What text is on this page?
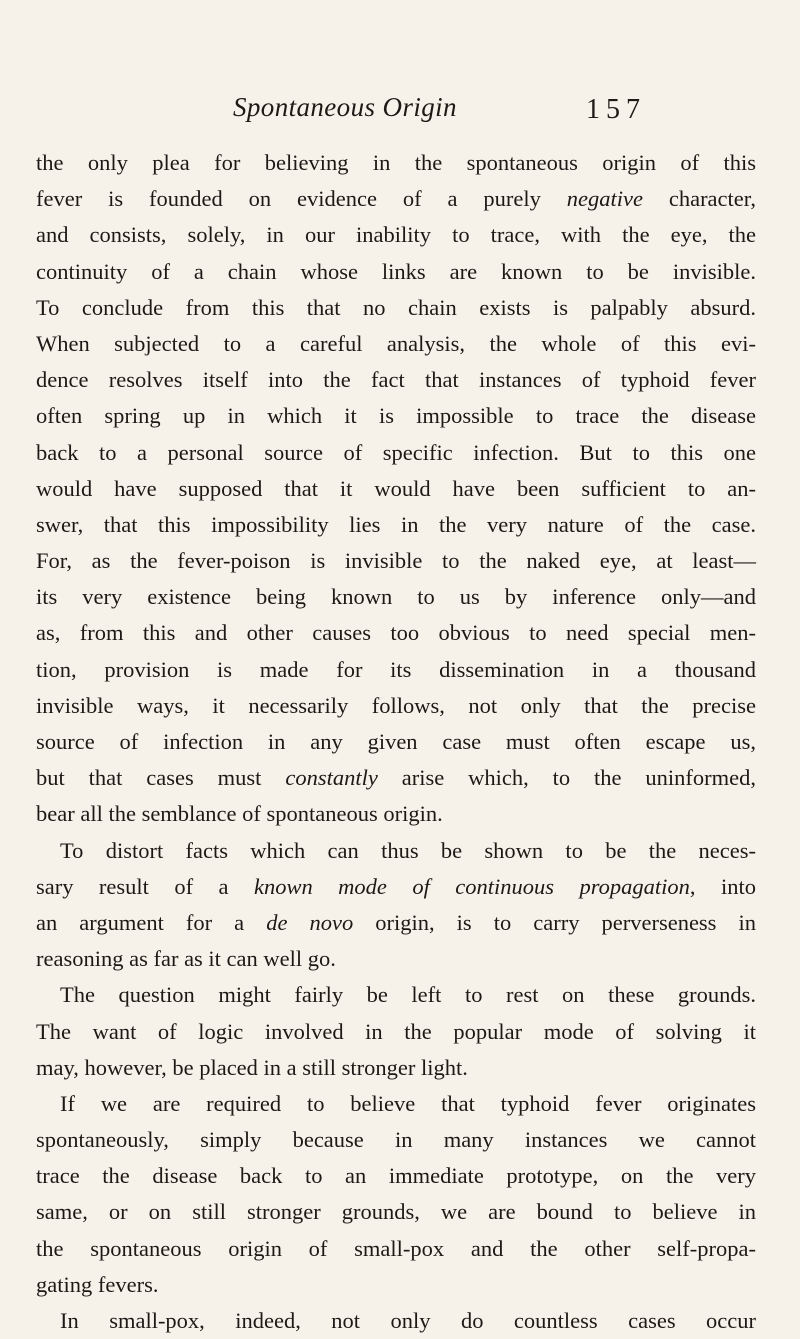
Spontaneous Origin	157
the only plea for believing in the spontaneous origin of this
fever is founded on evidence of a purely negative character,
and consists, solely, in our inability to trace, with the eye, the
continuity of a chain whose links are known to be invisible.
To conclude from this that no chain exists is palpably absurd.
When subjected to a careful analysis, the whole of this evi-
dence resolves itself into the fact that instances of typhoid fever
often spring up in which it is impossible to trace the disease
back to a personal source of specific infection. But to this one
would have supposed that it would have been sufficient to an-
swer, that this impossibility lies in the very nature of the case.
For, as the fever-poison is invisible to the naked eye, at least—
its very existence being known to us by inference only—and
as, from this and other causes too obvious to need special men-
tion, provision is made for its dissemination in a thousand
invisible ways, it necessarily follows, not only that the precise
source of infection in any given case must often escape us,
but that cases must constantly arise which, to the uninformed,
bear all the semblance of spontaneous origin.
To distort facts which can thus be shown to be the neces-
sary result of a known mode of continuous propagation, into
an argument for a de novo origin, is to carry perverseness in
reasoning as far as it can well go.
The question might fairly be left to rest on these grounds.
The want of logic involved in the popular mode of solving it
may, however, be placed in a still stronger light.
If we are required to believe that typhoid fever originates
spontaneously, simply because in many instances we cannot
trace the disease back to an immediate prototype, on the very
same, or on still stronger grounds, we are bound to believe in
the spontaneous origin of small-pox and the other self-propa-
gating fevers.
In small-pox, indeed, not only do countless cases occur
